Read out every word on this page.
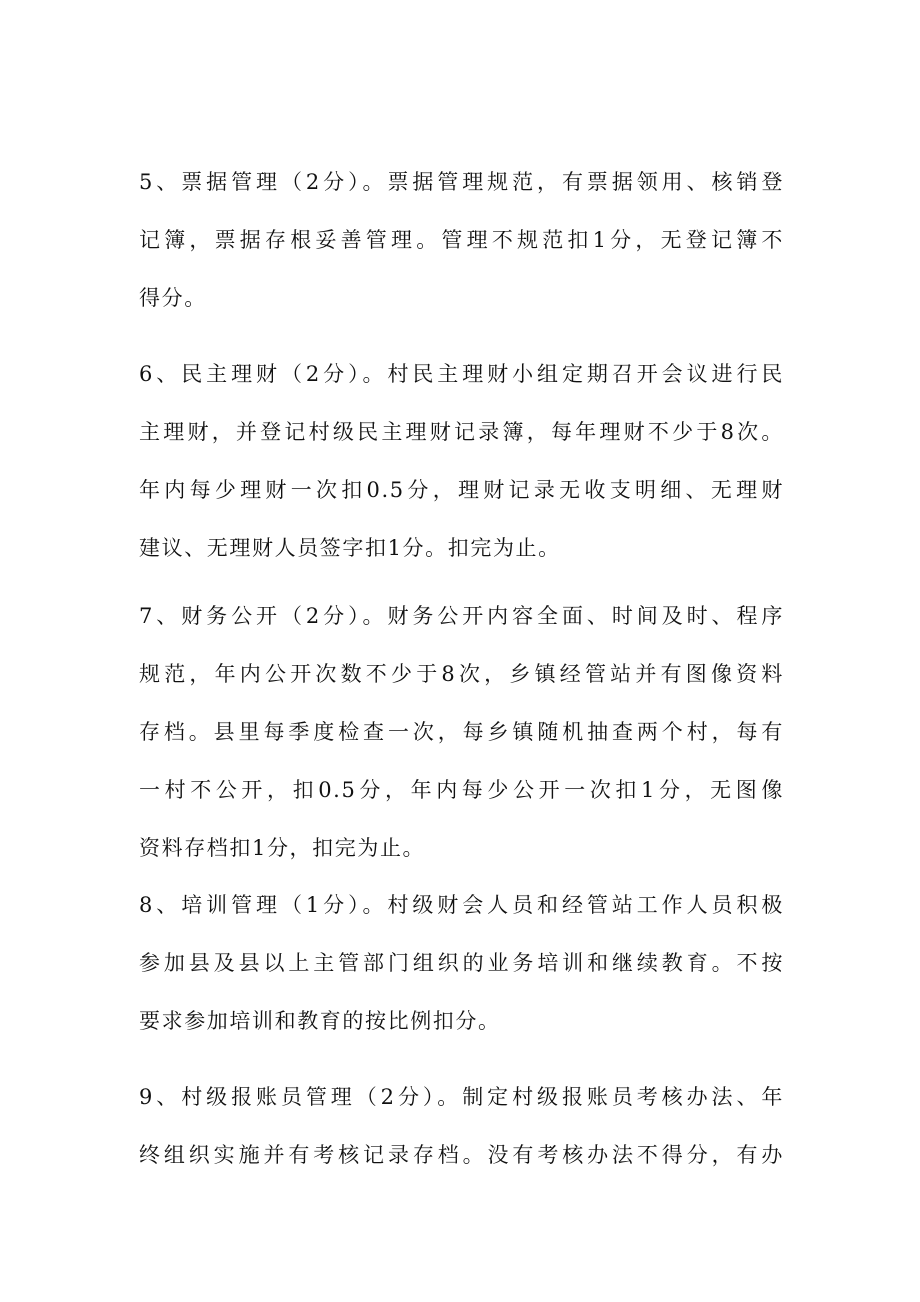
5、票据管理（2分）。票据管理规范，有票据领用、核销登
记簿，票据存根妥善管理。管理不规范扣1分，无登记簿不
得分。
6、民主理财（2分）。村民主理财小组定期召开会议进行民
主理财，并登记村级民主理财记录簿，每年理财不少于8次。
年内每少理财一次扣0.5分，理财记录无收支明细、无理财
建议、无理财人员签字扣1分。扣完为止。
7、财务公开（2分）。财务公开内容全面、时间及时、程序
规范，年内公开次数不少于8次，乡镇经管站并有图像资料
存档。县里每季度检查一次，每乡镇随机抽查两个村，每有
一村不公开，扣0.5分，年内每少公开一次扣1分，无图像
资料存档扣1分，扣完为止。
8、培训管理（1分）。村级财会人员和经管站工作人员积极
参加县及县以上主管部门组织的业务培训和继续教育。不按
要求参加培训和教育的按比例扣分。
9、村级报账员管理（2分）。制定村级报账员考核办法、年
终组织实施并有考核记录存档。没有考核办法不得分，有办
